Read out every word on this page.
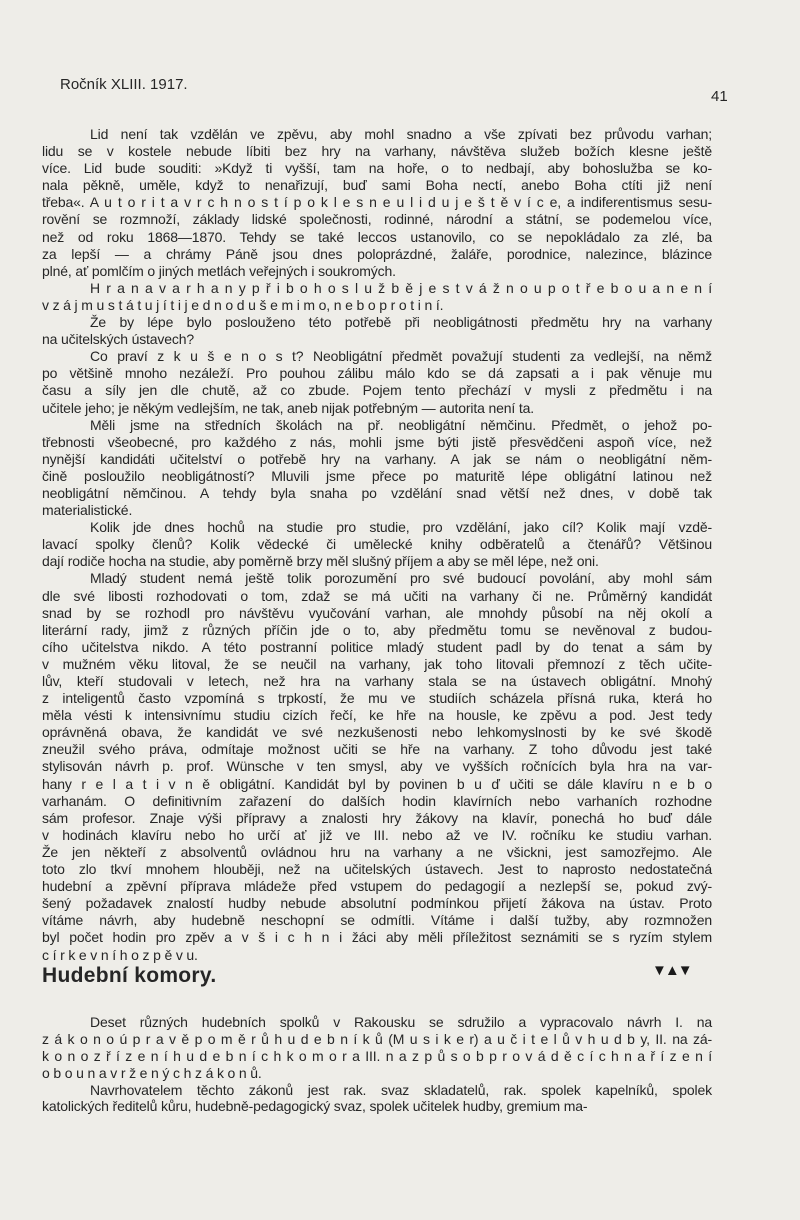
Ročník XLIII. 1917.
41
Lid není tak vzdělán ve zpěvu, aby mohl snadno a vše zpívati bez průvodu varhan;
lidu se v kostele nebude líbiti bez hry na varhany, návštěva služeb božích klesne ještě
více. Lid bude souditi: »Když ti vyšší, tam na hoře, o to nedbají, aby bohoslužba se ko-
nala pěkně, uměle, když to nenařizují, buď sami Boha nectí, anebo Boha ctíti již není
třeba«. A u t o r i t a v r c h n o s t í p o k l e s n e u l i d u j e š t ě v í c e, a indiferentismus sesu-
rovění se rozmnoží, základy lidské společnosti, rodinné, národní a státní, se podemelou více,
než od roku 1868—1870. Tehdy se také leccos ustanovilo, co se nepokládalo za zlé, ba
za lepší — a chrámy Páně jsou dnes poloprázdné, žaláře, porodnice, nalezince, blázince
plné, ať pomlčím o jiných metlách veřejných i soukromých.
H r a n a v a r h a n y p ř i b o h o s l u ž b ě j e s t v á ž n o u p o t ř e b o u a n e n í
v z á j m u s t á t u j í t i j e d n o d u š e m i m o, n e b o p r o t i n í.
Že by lépe bylo poslouženo této potřebě při neobligátnosti předmětu hry na varhany
na učitelských ústavech?
Co praví z k u š e n o s t? Neobligátní předmět považují studenti za vedlejší, na němž
po většině mnoho nezáleží. Pro pouhou zálibu málo kdo se dá zapsati a i pak věnuje mu
času a síly jen dle chutě, až co zbude. Pojem tento přechází v mysli z předmětu i na
učitele jeho; je někým vedlejším, ne tak, aneb nijak potřebným — autorita není ta.
Měli jsme na středních školách na př. neobligátní němčinu. Předmět, o jehož po-
třebnosti všeobecné, pro každého z nás, mohli jsme býti jistě přesvědčeni aspoň více, než
nynější kandidáti učitelství o potřebě hry na varhany. A jak se nám o neobligátní něm-
čině posloužilo neobligátností? Mluvili jsme přece po maturitě lépe obligátní latinou než
neobligátní němčinou. A tehdy byla snaha po vzdělání snad větší než dnes, v době tak
materialistické.
Kolik jde dnes hochů na studie pro studie, pro vzdělání, jako cíl? Kolik mají vzdě-
lavací spolky členů? Kolik vědecké či umělecké knihy odběratelů a čtenářů? Většinou
dají rodiče hocha na studie, aby poměrně brzy měl slušný příjem a aby se měl lépe, než oni.
Mladý student nemá ještě tolik porozumění pro své budoucí povolání, aby mohl sám
dle své libosti rozhodovati o tom, zdaž se má učiti na varhany či ne. Průměrný kandidát
snad by se rozhodl pro návštěvu vyučování varhan, ale mnohdy působí na něj okolí a
literární rady, jimž z různých příčin jde o to, aby předmětu tomu se nevěnoval z budou-
cího učitelstva nikdo. A této postranní politice mladý student padl by do tenat a sám by
v mužném věku litoval, že se neučil na varhany, jak toho litovali přemnozí z těch učite-
lův, kteří studovali v letech, než hra na varhany stala se na ústavech obligátní. Mnohý
z inteligentů často vzpomíná s trpkostí, že mu ve studiích scházela přísná ruka, která ho
měla vésti k intensivnímu studiu cizích řečí, ke hře na housle, ke zpěvu a pod. Jest tedy
oprávněná obava, že kandidát ve své nezkušenosti nebo lehkomyslnosti by ke své škodě
zneužil svého práva, odmítaje možnost učiti se hře na varhany. Z toho důvodu jest také
stylisován návrh p. prof. Wünsche v ten smysl, aby ve vyšších ročnících byla hra na var-
hany r e l a t i v n ě obligátní. Kandidát byl by povinen b u ď učiti se dále klavíru n e b o
varhanám. O definitivním zařazení do dalších hodin klavírních nebo varhaních rozhodne
sám profesor. Znaje výši přípravy a znalosti hry žákovy na klavír, ponechá ho buď dále
v hodinách klavíru nebo ho určí ať již ve III. nebo až ve IV. ročníku ke studiu varhan.
Že jen někteří z absolventů ovládnou hru na varhany a ne všickni, jest samozřejmo. Ale
toto zlo tkví mnohem hlouběji, než na učitelských ústavech. Jest to naprosto nedostatečná
hudební a zpěvní příprava mládeže před vstupem do pedagogií a nezlepší se, pokud zvý-
šený požadavek znalostí hudby nebude absolutní podmínkou přijetí žákova na ústav. Proto
vítáme návrh, aby hudebně neschopní se odmítli. Vítáme i další tužby, aby rozmnožen
byl počet hodin pro zpěv a v š i c h n i žáci aby měli příležitost seznámiti se s ryzím stylem
c í r k e v n í h o z p ě v u.
▼▲▼
Hudební komory.
Deset různých hudebních spolků v Rakousku se sdružilo a vypracovalo návrh I. na
z á k o n o ú p r a v ě p o m ě r ů h u d e b n í k ů (M u s i k e r) a u č i t e l ů v h u d b y, II. na zá-
k o n o z ř í z e n í h u d e b n í c h k o m o r a III. n a z p ů s o b p r o v á d ě c í c h n a ř í z e n í
o b o u n a v r ž e n ý c h z á k o n ů.
Navrhovatelem těchto zákonů jest rak. svaz skladatelů, rak. spolek kapelníků, spolek
katolických ředitelů kůru, hudebně-pedagogický svaz, spolek učitelek hudby, gremium ma-
